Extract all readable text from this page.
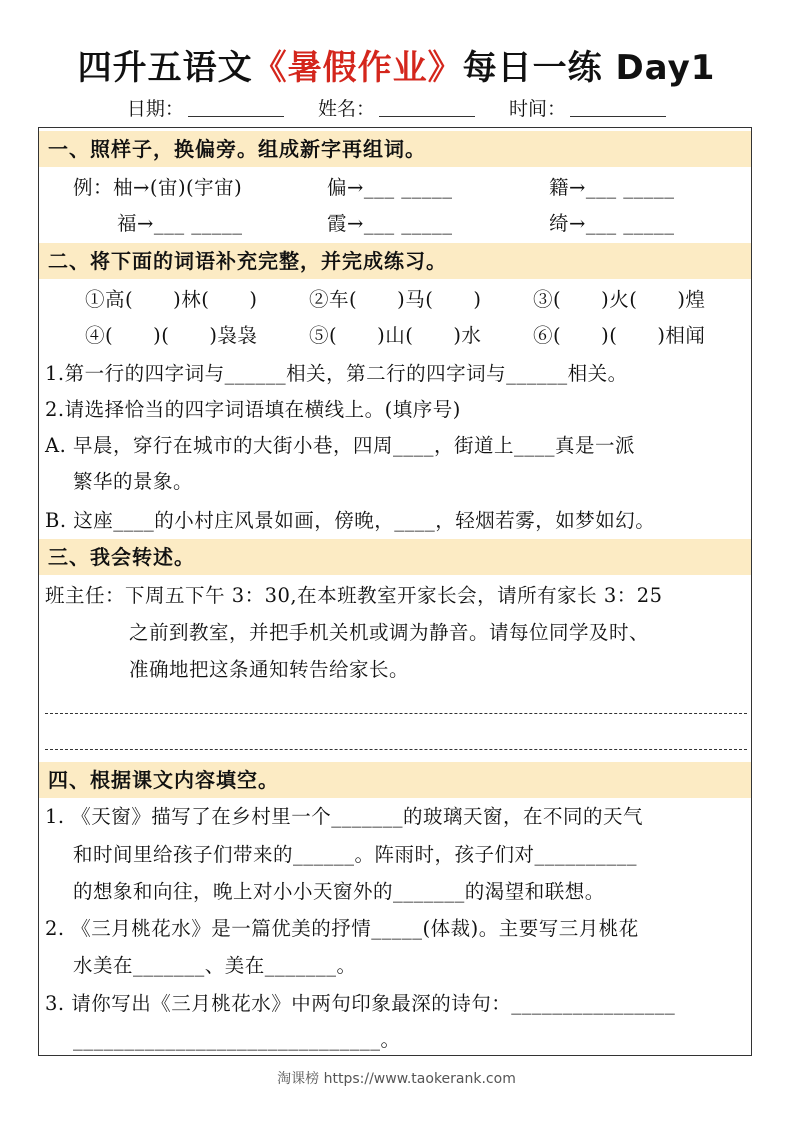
四升五语文《暑假作业》每日一练 Day1
日期：	姓名：	时间：
一、照样子，换偏旁。组成新字再组词。
例：柚→(宙)(宇宙)	偏→___ _____	籍→___ _____
福→___ _____	霞→___ _____	绮→___ _____
二、将下面的词语补充完整，并完成练习。
①高(　　)林(　　)	②车(　　)马(　　)	③(　　)火(　　)煌
④(　　)(　　)袅袅	⑤(　　)山(　　)水	⑥(　　)(　　)相闻
1.第一行的四字词与______相关，第二行的四字词与______相关。
2.请选择恰当的四字词语填在横线上。(填序号)
A. 早晨，穿行在城市的大街小巷，四周____，街道上____真是一派
繁华的景象。
B. 这座____的小村庄风景如画，傍晚，____，轻烟若雾，如梦如幻。
三、我会转述。
班主任：下周五下午 3：30,在本班教室开家长会，请所有家长 3：25
之前到教室，并把手机关机或调为静音。请每位同学及时、
准确地把这条通知转告给家长。
四、根据课文内容填空。
1. 《天窗》描写了在乡村里一个_______的玻璃天窗，在不同的天气
和时间里给孩子们带来的______。阵雨时，孩子们对__________
的想象和向往，晚上对小小天窗外的_______的渴望和联想。
2. 《三月桃花水》是一篇优美的抒情_____(体裁)。主要写三月桃花
水美在_______、美在_______。
3. 请你写出《三月桃花水》中两句印象最深的诗句：________________
______________________________。
淘课榜 https://www.taokerank.com
